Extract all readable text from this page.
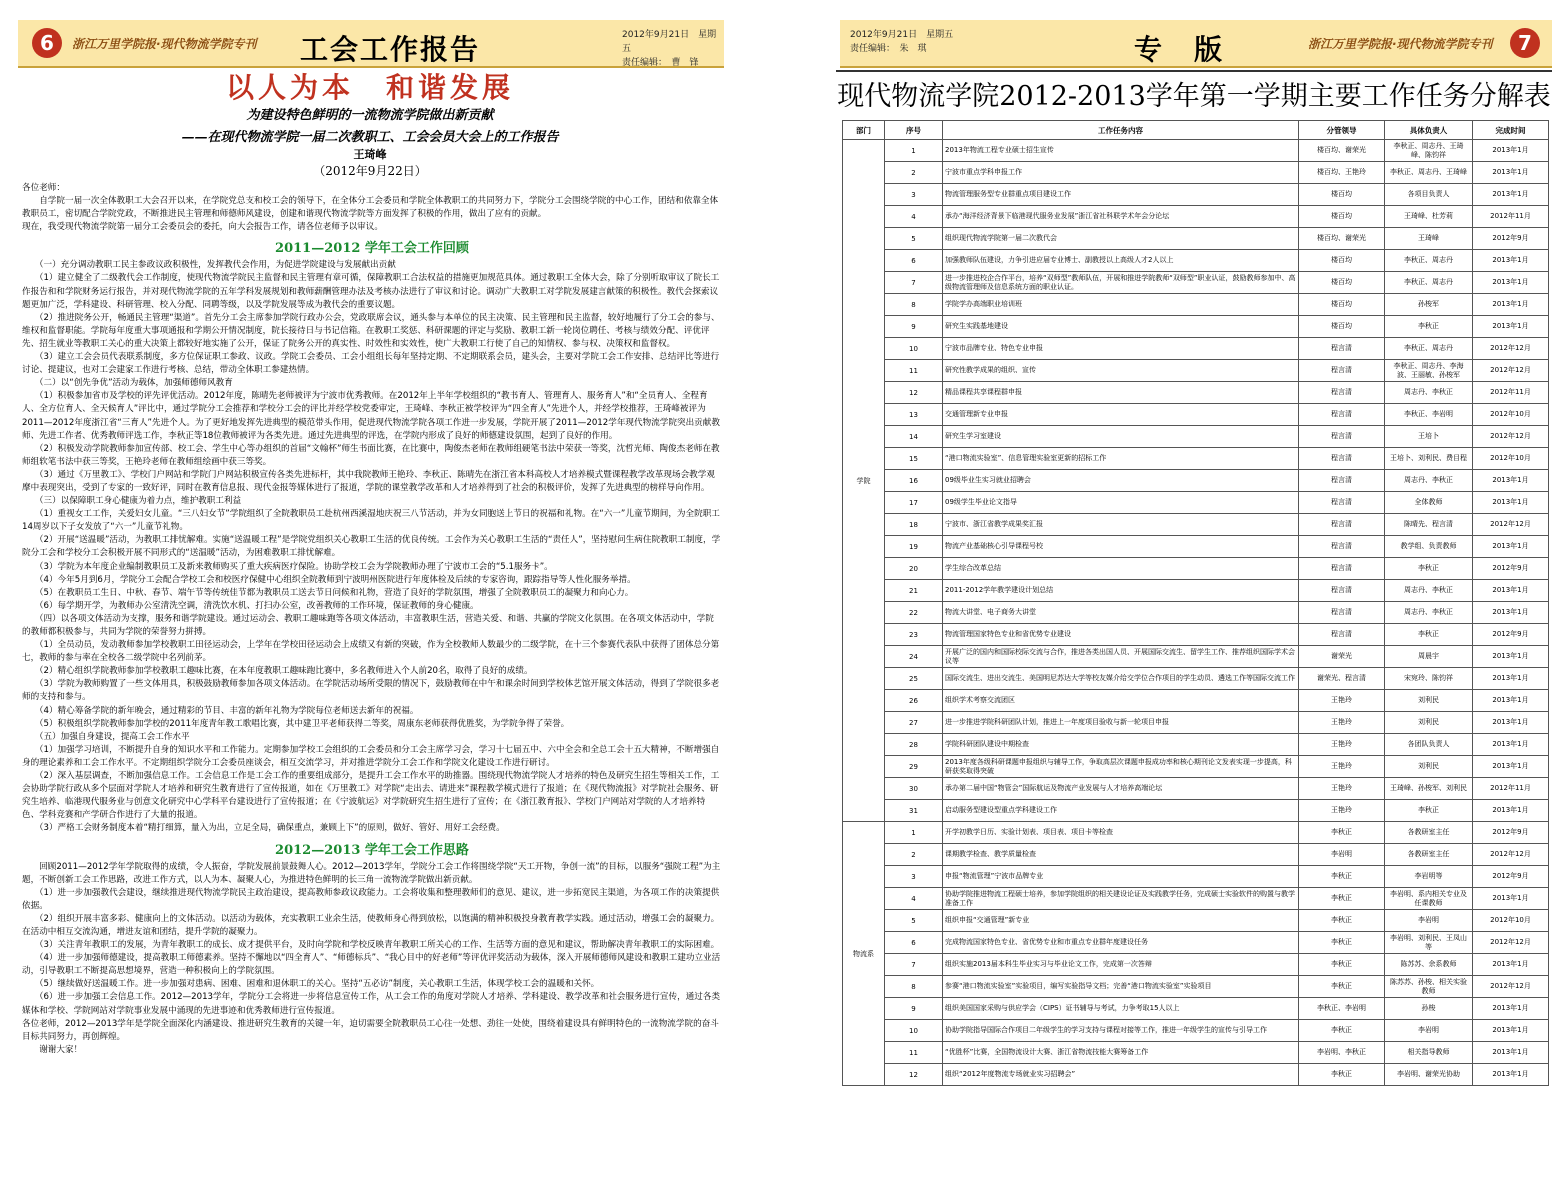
6	浙江万里学院报·现代物流学院专刊 工会工作报告	2012年9月21日　星期五
责任编辑：　曹　锋
以人为本　和谐发展
为建设特色鲜明的一流物流学院做出新贡献
——在现代物流学院一届二次教职工、工会会员大会上的工作报告
王琦峰
（2012年9月22日）

各位老师：

　　自学院一届一次全体教职工大会召开以来，在学院党总支和校工会的领导下，在全体分工会委员和学院全体教职工的共同努力下，学院分工会围绕学院的中心工作，团结和依靠全体教职员工，密切配合学院党政，不断推进民主管理和师德师风建设，创建和谐现代物流学院等方面发挥了积极的作用，做出了应有的贡献。

现在，我受现代物流学院第一届分工会委员会的委托，向大会报告工作，请各位老师予以审议。

2011—2012 学年工会工作回顾

　　（一）充分调动教职工民主参政议政积极性，发挥教代会作用，为促进学院建设与发展献出贡献

　　（1）建立健全了二级教代会工作制度，使现代物流学院民主监督和民主管理有章可循，保障教职工合法权益的措施更加规范具体。通过教职工全体大会，除了分别听取审议了院长工作报告和和学院财务运行报告，并对现代物流学院的五年学科发展规划和教师薪酬管理办法及考核办法进行了审议和讨论。调动广大教职工对学院发展建言献策的积极性。教代会探索议题更加广泛，学科建设、科研管理、校入分配、同聘等级，以及学院发展等成为教代会的重要议题。

　　（2）推进院务公开，畅通民主管理“渠道”。首先分工会主席参加学院行政办公会，党政联席会议，通头参与本单位的民主决策、民主管理和民主监督，较好地履行了分工会的参与、维权和监督职能。学院每年度重大事项通报和学期公开情况制度，院长接待日与书记信箱。在教职工奖惩、科研课题的评定与奖励、教职工新一轮岗位聘任、考核与绩效分配、评优评先、招生就业等教职工关心的重大决策上都较好地实施了公开，保证了院务公开的真实性、时效性和实效性，使广大教职工行使了自己的知情权、参与权、决策权和监督权。

　　（3）建立工会会员代表联系制度，多方位保证职工参政、议政。学院工会委员、工会小组组长每年坚持定期、不定期联系会员，建头会，主要对学院工会工作安排、总结评比等进行讨论、提建议，也对工会建家工作进行考核、总结，带动全体职工参建热情。

　　（二）以“创先争优”活动为载体，加强师德师风教育

　　（1）积极参加省市及学校的评先评优活动。2012年度，陈晴先老师被评为宁波市优秀教师。在2012年上半年学校组织的“教书育人、管理育人、服务育人”和“全员育人、全程育人、全方位育人、全天候育人”评比中，通过学院分工会推荐和学校分工会的评比并经学校党委审定，王琦峰、李秋正被学校评为“四全育人”先进个人，并经学校推荐，王琦峰被评为2011—2012年度浙江省“三育人”先进个人。为了更好地发挥先进典型的模范带头作用，促进现代物流学院各项工作进一步发展，学院开展了2011—2012学年现代物流学院突出贡献教师、先进工作者、优秀教师评选工作，李秋正等18位教师被评为各类先进。通过先进典型的评选，在学院内形成了良好的师德建设氛围，起到了良好的作用。

　　（2）积极发动学院教师参加宣传部、校工会、学生中心等办组织的首届“文翰杯”师生书面比赛，在比赛中，陶俊杰老师在教师组硬笔书法中荣获一等奖，沈哲光师、陶俊杰老师在教师组软笔书法中获三等奖，王艳玲老师在教师组绘画中获三等奖。

　　（3）通过《万里教工》、学校门户网站和学院门户网站积极宣传各类先进标杆，其中我院教师王艳玲、李秋正、陈晴先在浙江省本科高校人才培养模式暨课程教学改革现场会教学观摩中表现突出，受到了专家的一致好评，同时在教育信息报、现代金报等媒体进行了报道，学院的课堂教学改革和人才培养得到了社会的积极评价，发挥了先进典型的榜样导向作用。

　　（三）以保障职工身心健康为着力点，维护教职工利益

　　（1）重视女工工作，关爱妇女儿童。“三八妇女节”学院组织了全院教职员工赴杭州西溪湿地庆祝三八节活动，并为女同胞送上节日的祝福和礼物。在“六一”儿童节期间，为全院职工14周岁以下子女发放了“六一”儿童节礼物。

　　（2）开展“送温暖”活动，为教职工排忧解难。实施“送温暖工程”是学院党组织关心教职工生活的优良传统。工会作为关心教职工生活的“责任人”，坚持慰问生病住院教职工制度，学院分工会和学校分工会积极开展不同形式的“送温暖”活动，为困难教职工排忧解难。

　　（3）学院为本年度企业编制教职员工及新来教师购买了重大疾病医疗保险。协助学校工会为学院教师办理了宁波市工会的“5.1服务卡”。

　　（4）今年5月到6月，学院分工会配合学校工会和校医疗保健中心组织全院教师到宁波明州医院进行年度体检及后续的专家咨询，跟踪指导等人性化服务举措。

　　（5）在教职员工生日、中秋、春节、端午节等传统佳节都为教职员工送去节日问候和礼物，营造了良好的学院氛围，增强了全院教职员工的凝聚力和向心力。

　　（6）每学期开学，为教师办公室清洗空调，清洗饮水机、打扫办公室，改善教师的工作环境，保证教师的身心健康。

　　（四）以各项文体活动为支撑，服务和谐学院建设。通过运动会、教职工趣味跑等各项文体活动，丰富教职生活，营造关爱、和谐、共赢的学院文化氛围。在各项文体活动中，学院的教师都积极参与，共同为学院的荣誉努力拼搏。

　　（1）全员动员，发动教师参加学校教职工田径运动会，上学年在学校田径运动会上成绩又有新的突破，作为全校教师人数最少的二级学院，在十三个参赛代表队中获得了团体总分第七，教师的参与率在全校各二级学院中名列前茅。

　　（2）精心组织学院教师参加学校教职工趣味比赛，在本年度教职工趣味跑比赛中，多名教师进入个人前20名，取得了良好的成绩。

　　（3）学院为教师购置了一些文体用具，积极鼓励教师参加各项文体活动。在学院活动场所受限的情况下，鼓励教师在中午和课余时间到学校体艺馆开展文体活动，得到了学院很多老师的支持和参与。

　　（4）精心筹备学院的新年晚会，通过精彩的节目、丰富的新年礼物为学院每位老师送去新年的祝福。

　　（5）积极组织学院教师参加学校的2011年度青年教工歌唱比赛，其中建卫平老师获得二等奖，周康东老师获得优胜奖，为学院争得了荣誉。

　　（五）加强自身建设，提高工会工作水平

　　（1）加强学习培训，不断提升自身的知识水平和工作能力。定期参加学校工会组织的工会委员和分工会主席学习会，学习十七届五中、六中全会和全总工会十五大精神，不断增强自身的理论素养和工会工作水平。不定期组织学院分工会委员座谈会，相互交流学习，并对推进学院分工会工作和学院文化建设工作进行研讨。

　　（2）深入基层调查，不断加强信息工作。工会信息工作是工会工作的重要组成部分，是提升工会工作水平的助推器。围绕现代物流学院人才培养的特色及研究生招生等相关工作，工会协助学院行政从多个层面对学院人才培养和研究生教育进行了宣传报道，如在《万里教工》对学院“走出去、请进来”课程教学模式进行了报道；在《现代物流报》对学院社会服务、研究生培养、临港现代服务业与创意文化研究中心学科平台建设进行了宣传报道；在《宁波航运》对学院研究生招生进行了宣传；在《浙江教育报》、学校门户网站对学院的人才培养特色、学科竞赛和产学研合作进行了大量的报道。

　　（3）严格工会财务制度本着“精打细算，量入为出，立足全局，确保重点，兼顾上下”的原则，做好、管好、用好工会经费。

2012—2013 学年工会工作思路

　　回顾2011—2012学年学院取得的成绩，令人振奋，学院发展前景鼓舞人心。2012—2013学年，学院分工会工作将围绕学院“天工开物，争创一流”的目标，以服务“强院工程”为主题，不断创新工会工作思路，改进工作方式，以人为本、凝聚人心，为推进特色鲜明的长三角一流物流学院做出新贡献。

　　（1）进一步加强教代会建设，继续推进现代物流学院民主政治建设，提高教师参政议政能力。工会将收集和整理教师们的意见、建议，进一步拓宽民主渠道，为各项工作的决策提供依据。

　　（2）组织开展丰富多彩、健康向上的文体活动。以活动为载体，充实教职工业余生活，使教师身心得到放松，以饱满的精神积极投身教育教学实践。通过活动，增强工会的凝聚力。在活动中相互交流沟通，增进友谊和团结，提升学院的凝聚力。

　　（3）关注青年教职工的发展，为青年教职工的成长、成才提供平台，及时向学院和学校反映青年教职工所关心的工作、生活等方面的意见和建议，帮助解决青年教职工的实际困难。

　　（4）进一步加强师德建设，提高教职工师德素养。坚持不懈地以“四全育人”、“师德标兵”、“我心目中的好老师”等评优评奖活动为载体，深入开展师德师风建设和教职工建功立业活动，引导教职工不断提高思想境界，营造一种积极向上的学院氛围。

　　（5）继续做好送温暖工作。进一步加强对患病、困难、困难和退休职工的关心。坚持“五必访”制度，关心教职工生活，体现学校工会的温暖和关怀。

　　（6）进一步加强工会信息工作。2012—2013学年，学院分工会将进一步将信息宣传工作，从工会工作的角度对学院人才培养、学科建设、教学改革和社会服务进行宣传，通过各类媒体和学校、学院网站对学院事业发展中涌现的先进事迹和优秀教师进行宣传报道。

各位老师，2012—2013学年是学院全面深化内涵建设、推进研究生教育的关键一年，迫切需要全院教职员工心往一处想、劲往一处使，围绕着建设具有鲜明特色的一流物流学院的奋斗目标共同努力，再创辉煌。

　　谢谢大家！

2012年9月21日　星期五
责任编辑：　朱　琪	专　版	浙江万里学院报·现代物流学院专刊	7
现代物流学院2012-2013学年第一学期主要工作任务分解表
部门	序号	工作任务内容	分管领导	具体负责人	完成时间
学院	1	2013年物流工程专业硕士招生宣传	楼百均、谢荣光	李秋正、周志丹、王琦峰、陈钧祥	2013年1月
	2	宁波市重点学科申报工作	楼百均、王艳玲	李秋正、周志丹、王琦峰	2013年1月
	3	物流管理服务型专业群重点项目建设工作	楼百均	各项目负责人	2013年1月
	4	承办“海洋经济背景下临港现代服务业发展”浙江省社科联学术年会分论坛	楼百均	王琦峰、杜芳莉	2012年11月
	5	组织现代物流学院第一届二次教代会	楼百均、谢荣光	王琦峰	2012年9月
	6	加强教师队伍建设，力争引进应届专业博士、副教授以上高级人才2人以上	楼百均	李秋正、周志丹	2013年1月
	7	进一步推进校企合作平台，培养“双师型”教师队伍，开展和推进学院教师“双师型”职业认证，鼓励教师参加中、高级物流管理师及信息系统方面的职业认证。	楼百均	李秋正、周志丹	2013年1月
	8	学院学办高端职业培训班	楼百均	孙梭军	2013年1月
	9	研究生实践基地建设	楼百均	李秋正	2013年1月
	10	宁波市品牌专业、特色专业申报	程言清	李秋正、周志丹	2012年12月
	11	研究性教学成果的组织、宣传	程言清	李秋正、周志丹、李海波、王丽敏、孙梭军	2012年12月
	12	精品课程共享课程群申报	程言清	周志丹、李秋正	2012年11月
	13	交通管理新专业申报	程言清	李秋正、李岩明	2012年10月
	14	研究生学习室建设	程言清	王培卜	2012年12月
	15	“港口物流实验室”、信息管理实验室更新的招标工作	程言清	王培卜、刘利民、费目程	2012年10月
	16	09级毕业生实习就业招聘会	程言清	周志丹、李秋正	2013年1月
	17	09级学生毕业论文指导	程言清	全体教师	2013年1月
	18	宁波市、浙江省教学成果奖汇报	程言清	陈晴先、程言清	2012年12月
	19	物流产业基础核心引导课程号校	程言清	教学组、负责教师	2013年1月
	20	学生综合改革总结	程言清	李秋正	2012年9月
	21	2011-2012学年教学建设计划总结	程言清	周志丹、李秋正	2013年1月
	22	物流大讲堂、电子商务大讲堂	程言清	周志丹、李秋正	2013年1月
	23	物流管理国家特色专业和省优势专业建设	程言清	李秋正	2012年9月
	24	开展广泛的国内和国际校际交流与合作，推进各类出国人员、开展国际交流生、留学生工作、推荐组织国际学术会议等	谢荣光	周晨宇	2013年1月
	25	国际交流生、进出交流生、美国明尼苏达大学等校友媒介给交学位合作项目的学生动员、遴选工作等国际交流工作	谢荣光、程言清	宋宛玲、陈钧祥	2013年1月
	26	组织学术考察交流团区	王艳玲	刘利民	2013年1月
	27	进一步推进学院科研团队计划，推进上一年度项目验收与新一轮项目申报	王艳玲	刘利民	2013年1月
	28	学院科研团队建设中期检查	王艳玲	各团队负责人	2013年1月
	29	2013年度各级科研课题申报组织与辅导工作，争取高层次课题申报成功率和核心期刊论文发表实现一步提高，科研获奖取得突破	王艳玲	刘利民	2013年1月
	30	承办第二届中国“物管会”国际航运及物流产业发展与人才培养高端论坛	王艳玲	王琦峰、孙梭军、刘利民	2012年11月
	31	启动服务型建设型重点学科建设工作	王艳玲	李秋正	2013年1月
物流系	1	开学初教学日历、实验计划表、项目表、项目卡等检查	李秋正	各教研室主任	2012年9月
	2	课期教学检查、教学质量检查	李岩明	各教研室主任	2012年12月
	3	申报“物流管理”宁波市品牌专业	李秋正	李岩明等	2012年9月
	4	协助学院推进物流工程硕士培养，参加学院组织的相关建设论证及实践教学任务，完成硕士实验软件的购置与教学准备工作	李秋正	李岩明、系内相关专业及任课教师	2013年1月
	5	组织申报“交通管理”新专业	李秋正	李岩明	2012年10月
	6	完成物流国家特色专业、省优势专业和市重点专业群年度建设任务	李秋正	李岩明、刘利民、王凤山等	2012年12月
	7	组织实施2013届本科生毕业实习与毕业论文工作，完成第一次答辩	李秋正	陈苏苏、余系教师	2013年1月
	8	参赛“港口物流实验室”实验项目，编写实验指导文档；完善“港口物流实验室”实验项目	李秋正	陈苏苏、孙梭、相关实验教师	2012年12月
	9	组织美国国家采购与供应学会（CIPS）证书辅导与考试，力争考取15人以上	李秋正、李岩明	孙梭	2013年1月
	10	协助学院指导国际合作项目二年级学生的学习支持与课程对接等工作，推进一年级学生的宣传与引导工作	李秋正	李岩明	2013年1月
	11	“优胜杯”比赛，全国物流设计大赛、浙江省物流技能大赛筹备工作	李岩明、李秋正	相关指导教师	2013年1月
	12	组织“2012年度物流专场就业实习招聘会”	李秋正	李岩明、谢荣光协助	2013年1月
